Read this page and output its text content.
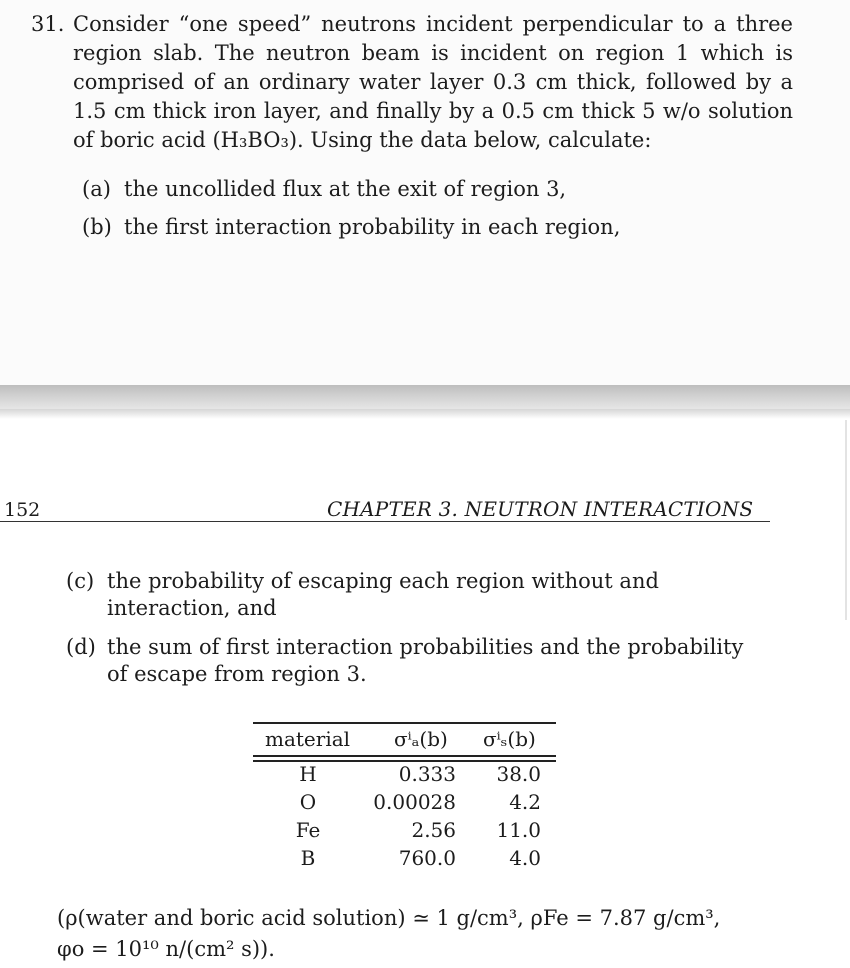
31. Consider “one speed” neutrons incident perpendicular to a three region slab. The neutron beam is incident on region 1 which is comprised of an ordinary water layer 0.3 cm thick, followed by a 1.5 cm thick iron layer, and finally by a 0.5 cm thick 5 w/o solution of boric acid (H₃BO₃). Using the data below, calculate:
(a) the uncollided flux at the exit of region 3,
(b) the first interaction probability in each region,
152	CHAPTER 3. NEUTRON INTERACTIONS
(c) the probability of escaping each region without and interaction, and
(d) the sum of first interaction probabilities and the probability of escape from region 3.
material σⁱₐ(b) σⁱₛ(b)
H	0.333	38.0
O	0.00028	4.2
Fe	2.56	11.0
B	760.0	4.0
(ρ(water and boric acid solution) ≃ 1 g/cm³, ρFe = 7.87 g/cm³,
φo = 10¹⁰ n/(cm² s)).
